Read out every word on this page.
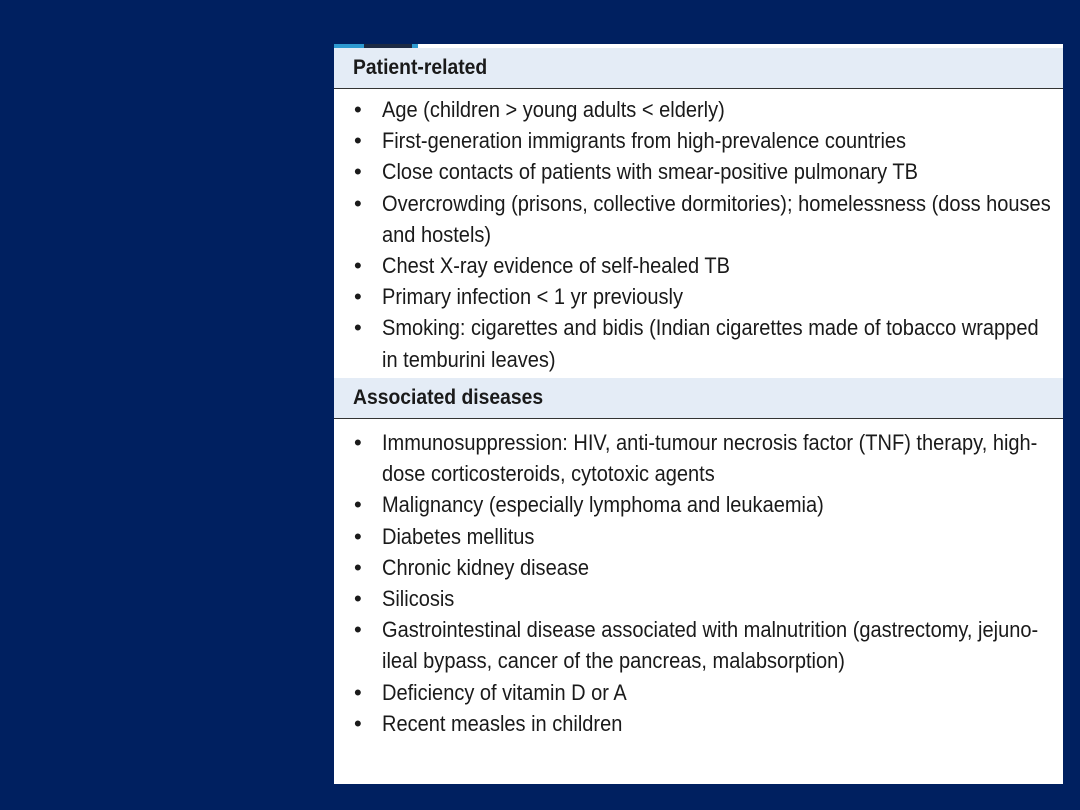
Patient-related
• Age (children > young adults < elderly)
• First-generation immigrants from high-prevalence countries
• Close contacts of patients with smear-positive pulmonary TB
• Overcrowding (prisons, collective dormitories); homelessness (doss houses and hostels)
• Chest X-ray evidence of self-healed TB
• Primary infection < 1 yr previously
• Smoking: cigarettes and bidis (Indian cigarettes made of tobacco wrapped in temburini leaves)
Associated diseases
• Immunosuppression: HIV, anti-tumour necrosis factor (TNF) therapy, high-dose corticosteroids, cytotoxic agents
• Malignancy (especially lymphoma and leukaemia)
• Diabetes mellitus
• Chronic kidney disease
• Silicosis
• Gastrointestinal disease associated with malnutrition (gastrectomy, jejuno-ileal bypass, cancer of the pancreas, malabsorption)
• Deficiency of vitamin D or A
• Recent measles in children
